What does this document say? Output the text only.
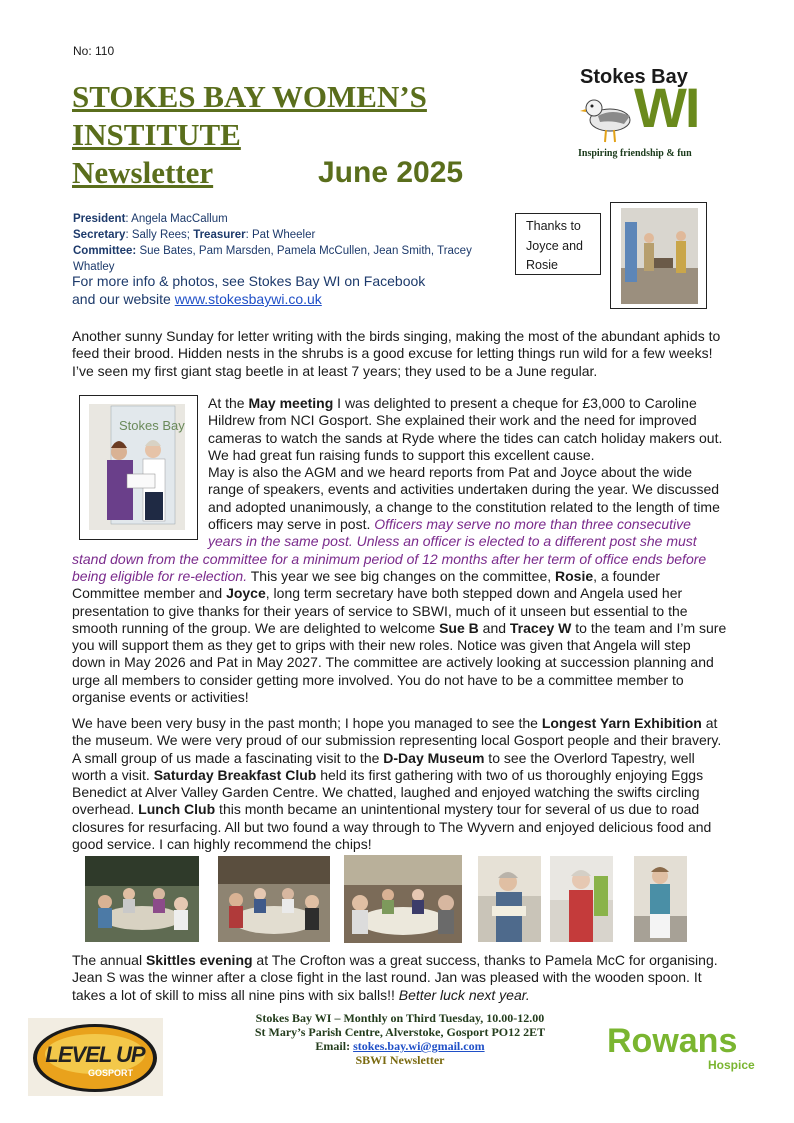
No: 110
STOKES BAY WOMEN’S
INSTITUTE
Newsletter	June 2025
Stokes Bay
WI
Inspiring friendship & fun
President: Angela MacCallum
Secretary: Sally Rees; Treasurer: Pat Wheeler
Committee: Sue Bates, Pam Marsden, Pamela McCullen, Jean Smith, Tracey Whatley
For more info & photos, see Stokes Bay WI on Facebook
and our website www.stokesbaywi.co.uk
Thanks to
Joyce and
Rosie
Another sunny Sunday for letter writing with the birds singing, making the most of the abundant aphids to feed their brood. Hidden nests in the shrubs is a good excuse for letting things run wild for a few weeks! I’ve seen my first giant stag beetle in at least 7 years; they used to be a June regular.
Stokes Bay
At the May meeting I was delighted to present a cheque for £3,000 to Caroline Hildrew from NCI Gosport. She explained their work and the need for improved cameras to watch the sands at Ryde where the tides can catch holiday makers out. We had great fun raising funds to support this excellent cause.
May is also the AGM and we heard reports from Pat and Joyce about the wide range of speakers, events and activities undertaken during the year. We discussed and adopted unanimously, a change to the constitution related to the length of time officers may serve in post. Officers may serve no more than three consecutive years in the same post. Unless an officer is elected to a different post she must stand down from the committee for a minimum period of 12 months after her term of office ends before being eligible for re-election. This year we see big changes on the committee, Rosie, a founder Committee member and Joyce, long term secretary have both stepped down and Angela used her presentation to give thanks for their years of service to SBWI, much of it unseen but essential to the smooth running of the group. We are delighted to welcome Sue B and Tracey W to the team and I’m sure you will support them as they get to grips with their new roles. Notice was given that Angela will step down in May 2026 and Pat in May 2027. The committee are actively looking at succession planning and urge all members to consider getting more involved. You do not have to be a committee member to organise events or activities!
We have been very busy in the past month; I hope you managed to see the Longest Yarn Exhibition at the museum. We were very proud of our submission representing local Gosport people and their bravery. A small group of us made a fascinating visit to the D-Day Museum to see the Overlord Tapestry, well worth a visit. Saturday Breakfast Club held its first gathering with two of us thoroughly enjoying Eggs Benedict at Alver Valley Garden Centre. We chatted, laughed and enjoyed watching the swifts circling overhead. Lunch Club this month became an unintentional mystery tour for several of us due to road closures for resurfacing. All but two found a way through to The Wyvern and enjoyed delicious food and good service. I can highly recommend the chips!
The annual Skittles evening at The Crofton was a great success, thanks to Pamela McC for organising. Jean S was the winner after a close fight in the last round. Jan was pleased with the wooden spoon. It takes a lot of skill to miss all nine pins with six balls!! Better luck next year.
Stokes Bay WI – Monthly on Third Tuesday, 10.00-12.00
St Mary’s Parish Centre, Alverstoke, Gosport PO12 2ET
Email: stokes.bay.wi@gmail.com
SBWI Newsletter
LEVEL UP
GOSPORT
Rowans
Hospice
